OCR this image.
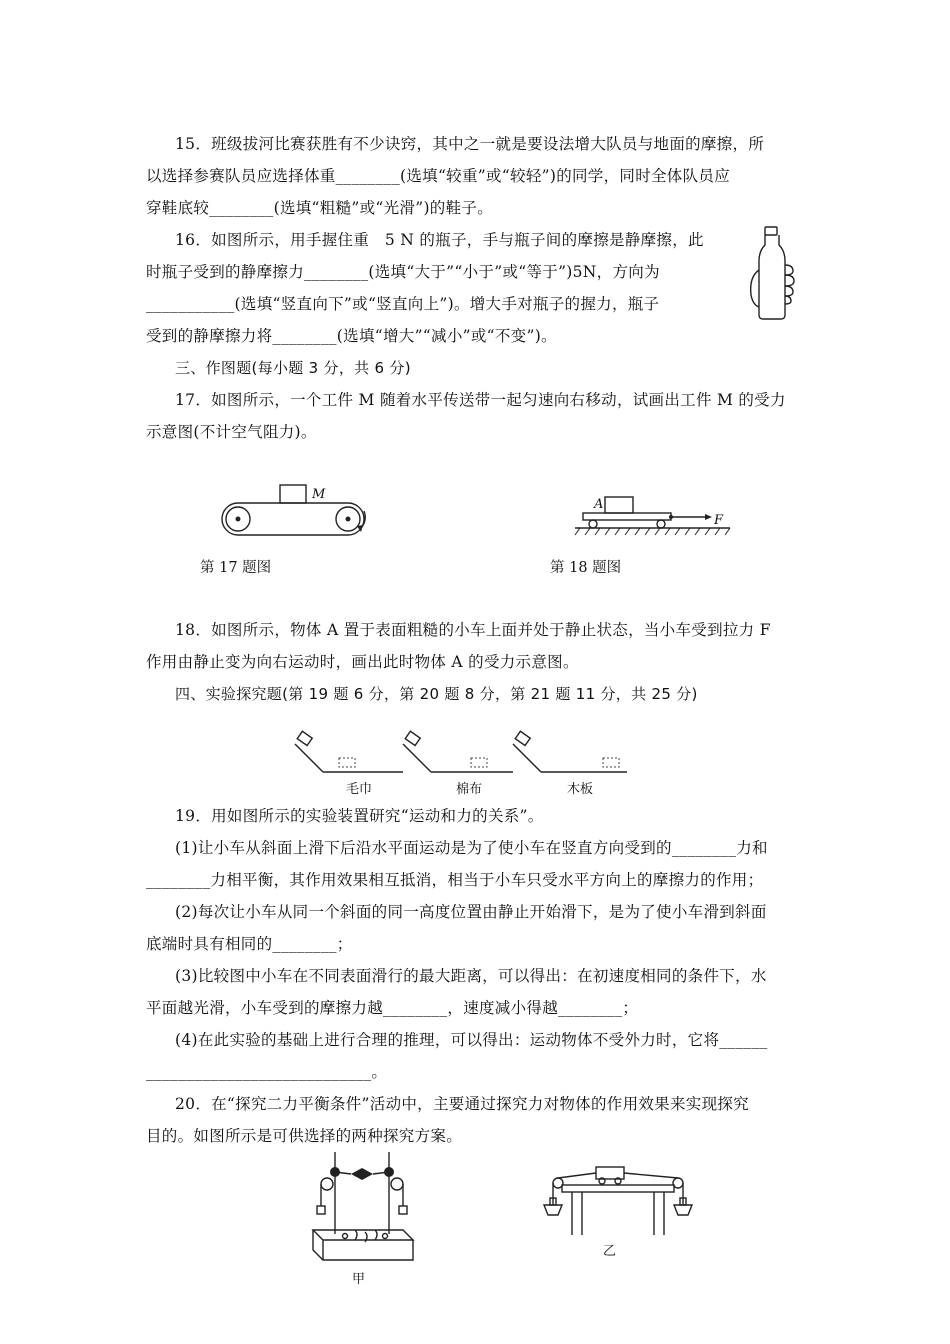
15．班级拔河比赛获胜有不少诀窍，其中之一就是要设法增大队员与地面的摩擦，所
以选择参赛队员应选择体重________(选填“较重”或“较轻”)的同学，同时全体队员应
穿鞋底较________(选填“粗糙”或“光滑”)的鞋子。
16．如图所示，用手握住重　5 N 的瓶子，手与瓶子间的摩擦是静摩擦，此
时瓶子受到的静摩擦力________(选填“大于”“小于”或“等于”)5N，方向为
___________(选填“竖直向下”或“竖直向上”)。增大手对瓶子的握力，瓶子
受到的静摩擦力将________(选填“增大”“减小”或“不变”)。
三、作图题(每小题 3 分，共 6 分)
17．如图所示，一个工件 M 随着水平传送带一起匀速向右移动，试画出工件 M 的受力
示意图(不计空气阻力)。
M
第 17 题图
A
F
第 18 题图
18．如图所示，物体 A 置于表面粗糙的小车上面并处于静止状态，当小车受到拉力 F
作用由静止变为向右运动时，画出此时物体 A 的受力示意图。
四、实验探究题(第 19 题 6 分，第 20 题 8 分，第 21 题 11 分，共 25 分)
毛巾	棉布	木板
19．用如图所示的实验装置研究“运动和力的关系”。
(1)让小车从斜面上滑下后沿水平面运动是为了使小车在竖直方向受到的________力和
________力相平衡，其作用效果相互抵消，相当于小车只受水平方向上的摩擦力的作用；
(2)每次让小车从同一个斜面的同一高度位置由静止开始滑下，是为了使小车滑到斜面
底端时具有相同的________；
(3)比较图中小车在不同表面滑行的最大距离，可以得出：在初速度相同的条件下，水
平面越光滑，小车受到的摩擦力越________，速度减小得越________；
(4)在此实验的基础上进行合理的推理，可以得出：运动物体不受外力时，它将______
____________________________。
20．在“探究二力平衡条件”活动中，主要通过探究力对物体的作用效果来实现探究
目的。如图所示是可供选择的两种探究方案。
甲
乙
